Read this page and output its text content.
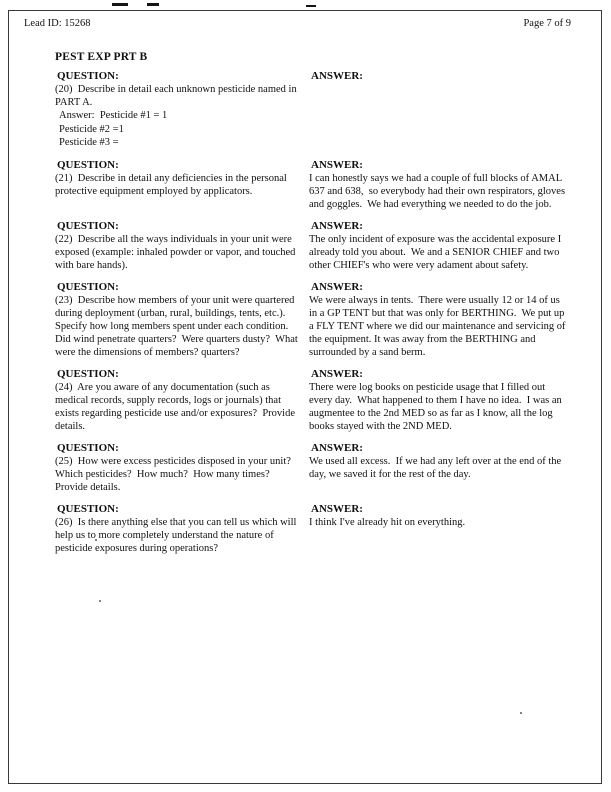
Lead ID: 15268	Page 7 of 9
PEST EXP PRT B
QUESTION:
(20)  Describe in detail each unknown pesticide named in PART A.
Answer:  Pesticide #1 = 1
Pesticide #2 =1
Pesticide #3 =
ANSWER:
QUESTION:
(21)  Describe in detail any deficiencies in the personal protective equipment employed by applicators.
ANSWER:
I can honestly says we had a couple of full blocks of AMAL 637 and 638,  so everybody had their own respirators, gloves and goggles.  We had everything we needed to do the job.
QUESTION:
(22)  Describe all the ways individuals in your unit were exposed (example: inhaled powder or vapor, and touched with bare hands).
ANSWER:
The only incident of exposure was the accidental exposure I already told you about.  We and a SENIOR CHIEF and two other CHIEF's who were very adament about safety.
QUESTION:
(23)  Describe how members of your unit were quartered during deployment (urban, rural, buildings, tents, etc.). Specify how long members spent under each condition.  Did wind penetrate quarters?  Were quarters dusty?  What were the dimensions of members? quarters?
ANSWER:
We were always in tents.  There were usually 12 or 14 of us in a GP TENT but that was only for BERTHING.  We put up a FLY TENT where we did our maintenance and servicing of the equipment. It was away from the BERTHING and surrounded by a sand berm.
QUESTION:
(24)  Are you aware of any documentation (such as medical records, supply records, logs or journals) that exists regarding pesticide use and/or exposures?  Provide details.
ANSWER:
There were log books on pesticide usage that I filled out every day.  What happened to them I have no idea.  I was an augmentee to the 2nd MED so as far as I know, all the log books stayed with the 2ND MED.
QUESTION:
(25)  How were excess pesticides disposed in your unit? Which pesticides?  How much?  How many times?  Provide details.
ANSWER:
We used all excess.  If we had any left over at the end of the day, we saved it for the rest of the day.
QUESTION:
(26)  Is there anything else that you can tell us which will help us to more completely understand the nature of pesticide exposures during operations?
ANSWER:
I think I've already hit on everything.
